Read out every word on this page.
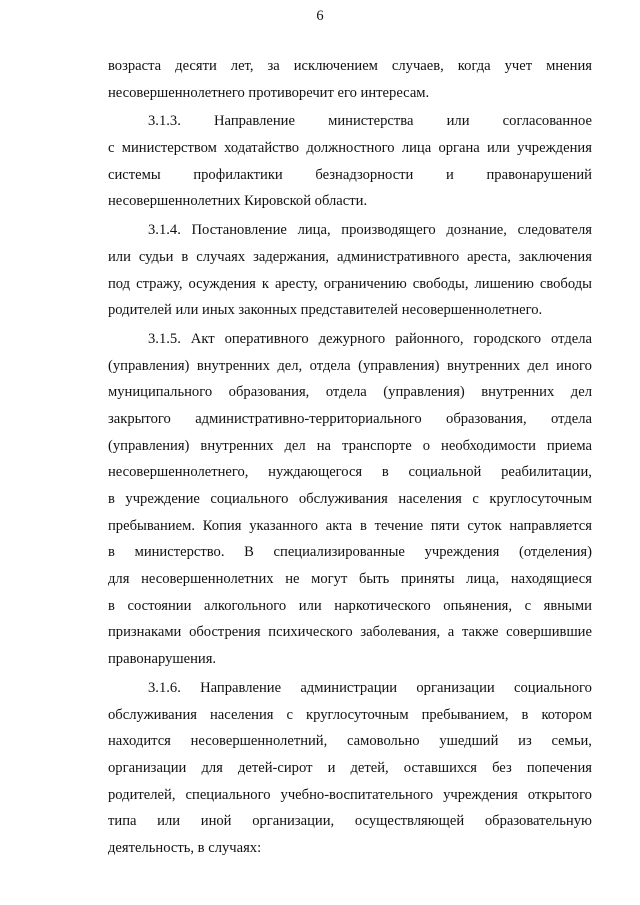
6
возраста десяти лет, за исключением случаев, когда учет мнения
несовершеннолетнего противоречит его интересам.
3.1.3. Направление министерства или согласованное
с министерством ходатайство должностного лица органа или учреждения
системы профилактики безнадзорности и правонарушений
несовершеннолетних Кировской области.
3.1.4. Постановление лица, производящего дознание, следователя
или судьи в случаях задержания, административного ареста, заключения
под стражу, осуждения к аресту, ограничению свободы, лишению свободы
родителей или иных законных представителей несовершеннолетнего.
3.1.5. Акт оперативного дежурного районного, городского отдела
(управления) внутренних дел, отдела (управления) внутренних дел иного
муниципального образования, отдела (управления) внутренних дел
закрытого административно-территориального образования, отдела
(управления) внутренних дел на транспорте о необходимости приема
несовершеннолетнего, нуждающегося в социальной реабилитации,
в учреждение социального обслуживания населения с круглосуточным
пребыванием. Копия указанного акта в течение пяти суток направляется
в министерство. В специализированные учреждения (отделения)
для несовершеннолетних не могут быть приняты лица, находящиеся
в состоянии алкогольного или наркотического опьянения, с явными
признаками обострения психического заболевания, а также совершившие
правонарушения.
3.1.6. Направление администрации организации социального
обслуживания населения с круглосуточным пребыванием, в котором
находится несовершеннолетний, самовольно ушедший из семьи,
организации для детей-сирот и детей, оставшихся без попечения
родителей, специального учебно-воспитательного учреждения открытого
типа или иной организации, осуществляющей образовательную
деятельность, в случаях:
